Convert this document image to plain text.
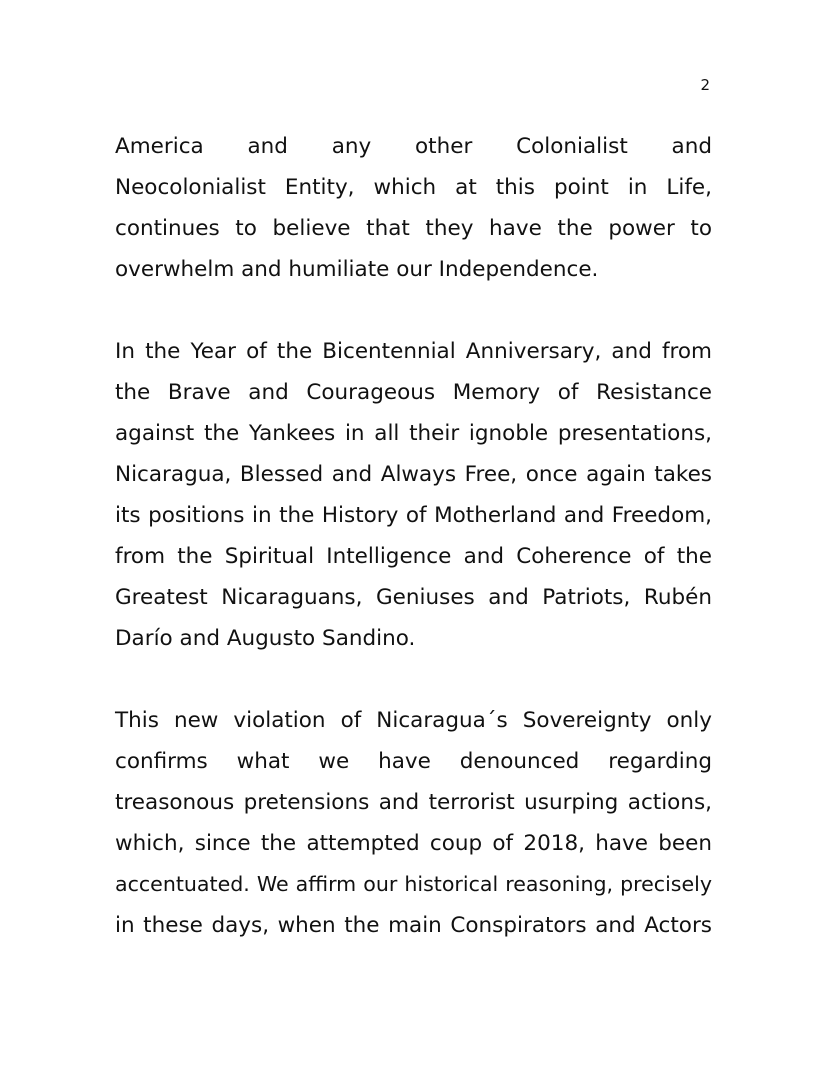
2

America and any other Colonialist and
Neocolonialist Entity, which at this point in Life,
continues to believe that they have the power to
overwhelm and humiliate our Independence.

In the Year of the Bicentennial Anniversary, and from
the Brave and Courageous Memory of Resistance
against the Yankees in all their ignoble presentations,
Nicaragua, Blessed and Always Free, once again takes
its positions in the History of Motherland and Freedom,
from the Spiritual Intelligence and Coherence of the
Greatest Nicaraguans, Geniuses and Patriots, Rubén
Darío and Augusto Sandino.

This new violation of Nicaragua´s Sovereignty only
confirms what we have denounced regarding
treasonous pretensions and terrorist usurping actions,
which, since the attempted coup of 2018, have been
accentuated. We affirm our historical reasoning, precisely
in these days, when the main Conspirators and Actors
